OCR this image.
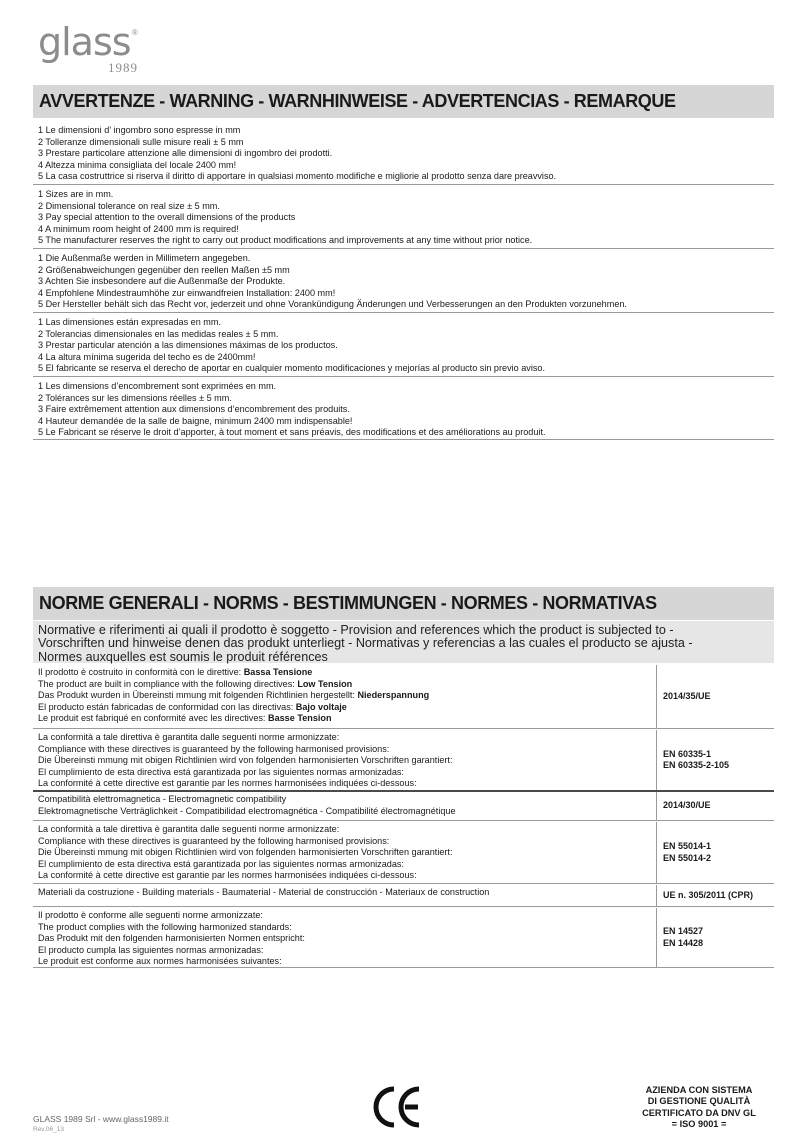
glass ®
1989
AVVERTENZE - WARNING - WARNHINWEISE - ADVERTENCIAS - REMARQUE
1 Le dimensioni d’ ingombro sono espresse in mm
2 Tolleranze dimensionali sulle misure reali ± 5 mm
3 Prestare particolare attenzione alle dimensioni di ingombro dei prodotti.
4 Altezza minima consigliata del locale 2400 mm!
5 La casa costruttrice si riserva il diritto di apportare in qualsiasi momento modifiche e migliorie al prodotto senza dare preavviso.
1 Sizes are in mm.
2 Dimensional tolerance on real size ± 5 mm.
3 Pay special attention to the overall dimensions of the products
4 A minimum room height of 2400 mm is required!
5 The manufacturer reserves the right to carry out product modifications and improvements at any time without prior notice.
1 Die Außenmaße werden in Millimetern angegeben.
2 Größenabweichungen gegenüber den reellen Maßen ±5 mm
3 Achten Sie insbesondere auf die Außenmaße der Produkte.
4 Empfohlene Mindestraumhöhe zur einwandfreien Installation: 2400 mm!
5 Der Hersteller behält sich das Recht vor, jederzeit und ohne Vorankündigung Änderungen und Verbesserungen an den Produkten vorzunehmen.
1 Las dimensiones están expresadas en mm.
2 Tolerancias dimensionales en las medidas reales ± 5 mm.
3 Prestar particular atención a las dimensiones máximas de los productos.
4 La altura mínima sugerida del techo es de 2400mm!
5 El fabricante se reserva el derecho de aportar en cualquier momento modificaciones y mejorías al producto sin previo aviso.
1 Les dimensions d’encombrement sont exprimées en mm.
2 Tolérances sur les dimensions réelles ± 5 mm.
3 Faire extrêmement attention aux dimensions d’encombrement des produits.
4 Hauteur demandée de la salle de baigne, minimum 2400 mm indispensable!
5 Le Fabricant se réserve le droit d’apporter, à tout moment et sans préavis, des modifications et des améliorations au produit.
NORME GENERALI - NORMS - BESTIMMUNGEN - NORMES - NORMATIVAS
Normative e riferimenti ai quali il prodotto è soggetto - Provision and references which the product is subjected to -
Vorschriften und hinweise denen das produkt unterliegt - Normativas y referencias a las cuales el producto se ajusta -
Normes auxquelles est soumis le produit références
Il prodotto è costruito in conformità con le direttive: Bassa Tensione
The product are built in compliance with the following directives: Low Tension
Das Produkt wurden in Übereinsti mmung mit folgenden Richtlinien hergestellt: Niederspannung
El producto están fabricadas de conformidad con las directivas: Bajo voltaje
Le produit est fabriqué en conformité avec les directives: Basse Tension
2014/35/UE
La conformità a tale direttiva è garantita dalle seguenti norme armonizzate:
Compliance with these directives is guaranteed by the following harmonised provisions:
Die Übereinsti mmung mit obigen Richtlinien wird von folgenden harmonisierten Vorschriften garantiert:
El cumplimiento de esta directiva está garantizada por las siguientes normas armonizadas:
La conformité à cette directive est garantie par les normes harmonisées indiquées ci-dessous:
EN 60335-1
EN 60335-2-105
Compatibilità elettromagnetica - Electromagnetic compatibility
Elektromagnetische Verträglichkeit - Compatibilidad electromagnética - Compatibilité électromagnétique
2014/30/UE
La conformità a tale direttiva è garantita dalle seguenti norme armonizzate:
Compliance with these directives is guaranteed by the following harmonised provisions:
Die Übereinsti mmung mit obigen Richtlinien wird von folgenden harmonisierten Vorschriften garantiert:
El cumplimiento de esta directiva está garantizada por las siguientes normas armonizadas:
La conformité à cette directive est garantie par les normes harmonisées indiquées ci-dessous:
EN 55014-1
EN 55014-2
Materiali da costruzione - Building materials - Baumaterial - Material de construcción - Materiaux de construction	UE n. 305/2011 (CPR)
Il prodotto è conforme alle seguenti norme armonizzate:
The product complies with the following harmonized standards:
Das Produkt mit den folgenden harmonisierten Normen entspricht:
El producto cumpla las siguientes normas armonizadas:
Le produit est conforme aux normes harmonisées suivantes:
EN 14527
EN 14428
GLASS 1989 Srl - www.glass1989.it
Rev.06_13
AZIENDA CON SISTEMA
DI GESTIONE QUALITÀ
CERTIFICATO DA DNV GL
= ISO 9001 =
